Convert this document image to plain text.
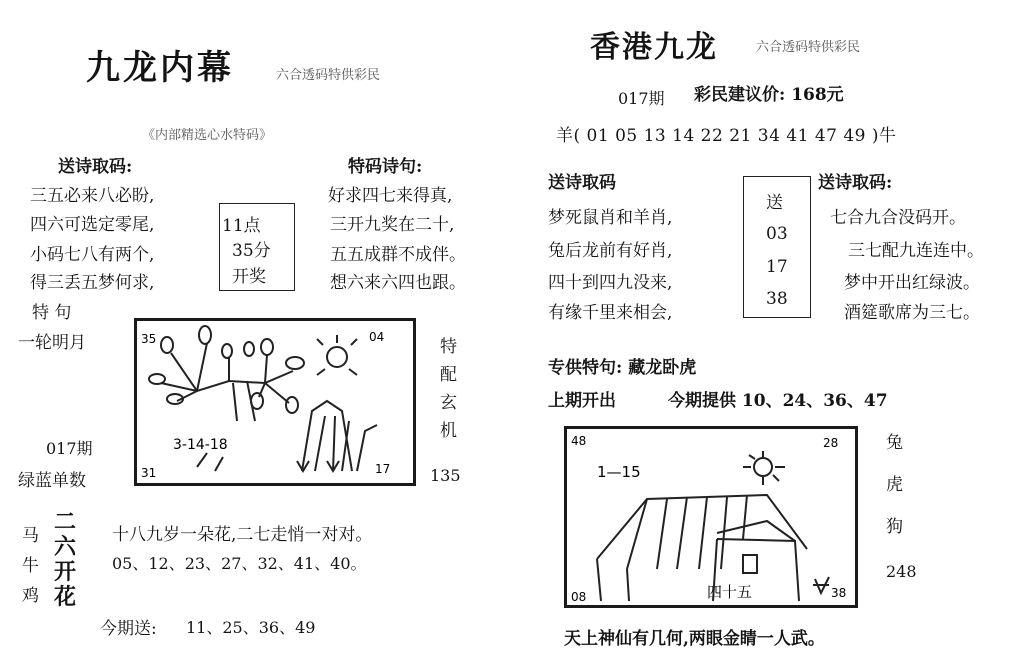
九龙内幕	六合透码特供彩民
《内部精选心水特码》
送诗取码:
三五必来八必盼,
四六可选定零尾,
小码七八有两个,
得三丢五梦何求,
11点
35分
开奖
特码诗句:
好求四七来得真,
三开九奖在二十,
五五成群不成伴。
想六来六四也跟。
特 句
一轮明月	35	04
31	17
3-14-18
特
配
玄
机
135
017期
绿蓝单数
马
牛
鸡
二六开花
十八九岁一朵花,二七走悄一对对。
05、12、23、27、32、41、40。
今期送: 11、25、36、49
香港九龙	六合透码特供彩民
017期 彩民建议价: 168元
羊( 01 05 13 14 22 21 34 41 47 49 )牛
送诗取码
梦死鼠肖和羊肖,
兔后龙前有好肖,
四十到四九没来,
有缘千里来相会,
送
03
17
38
送诗取码:
七合九合没码开。
三七配九连连中。
梦中开出红绿波。
酒筵歌席为三七。
专供特句: 藏龙卧虎
上期开出	今期提供 10、24、36、47
48	28
08	38
1—15
四十五
兔
虎
狗
248
天上神仙有几何,两眼金睛一人武。
